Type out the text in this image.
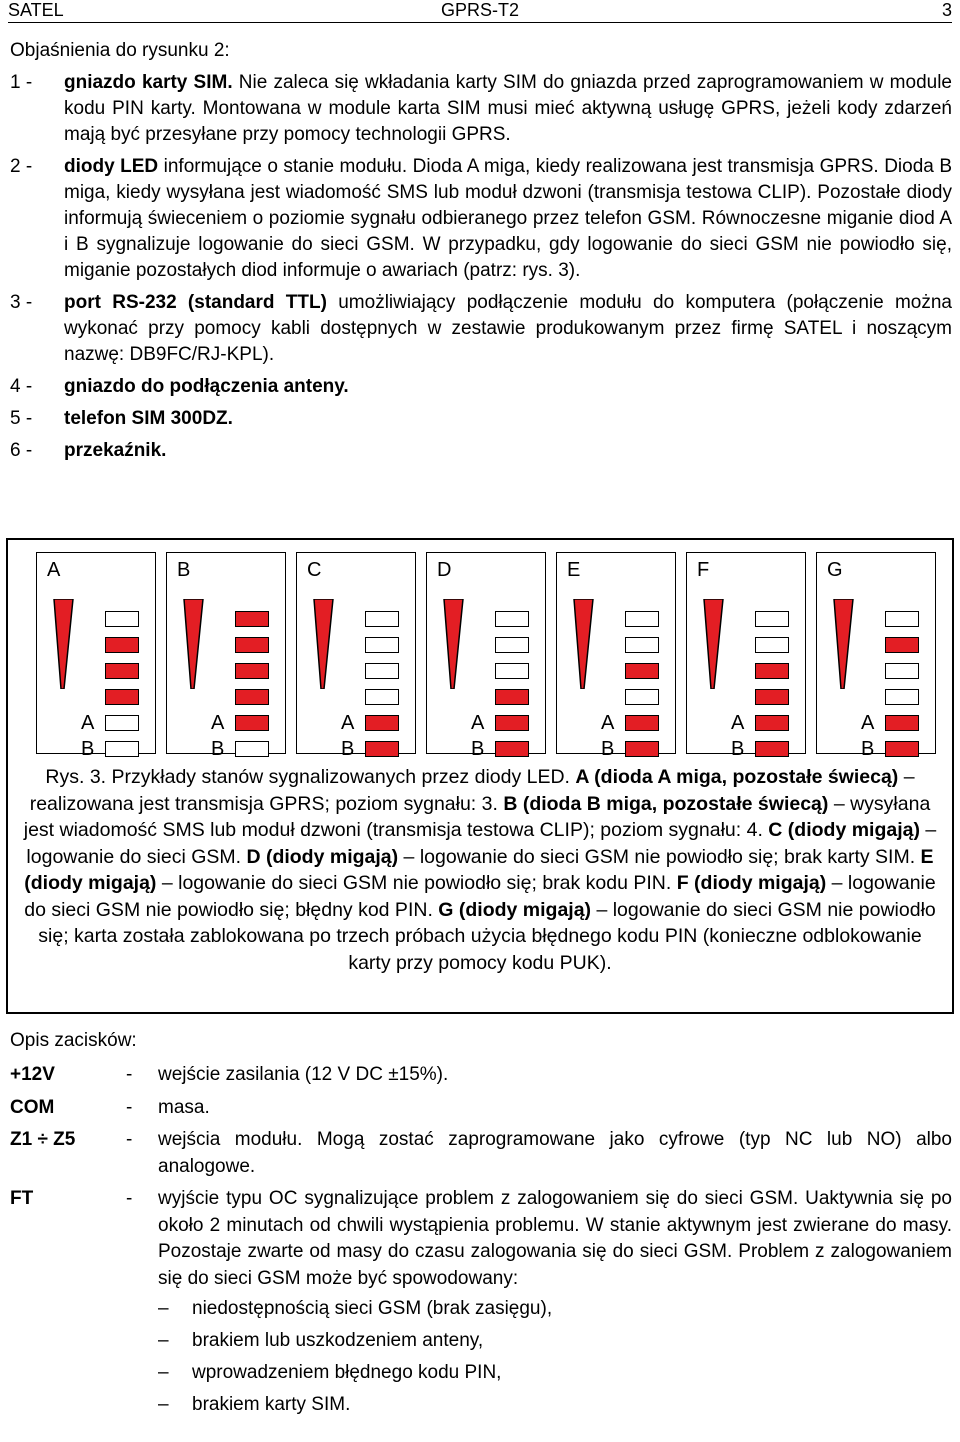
SATEL	GPRS-T2	3
Objaśnienia do rysunku 2:
1 -	gniazdo karty SIM. Nie zaleca się wkładania karty SIM do gniazda przed zaprogramowaniem w module kodu PIN karty. Montowana w module karta SIM musi mieć aktywną usługę GPRS, jeżeli kody zdarzeń mają być przesyłane przy pomocy technologii GPRS.
2 -	diody LED informujące o stanie modułu. Dioda A miga, kiedy realizowana jest transmisja GPRS. Dioda B miga, kiedy wysyłana jest wiadomość SMS lub moduł dzwoni (transmisja testowa CLIP). Pozostałe diody informują świeceniem o poziomie sygnału odbieranego przez telefon GSM. Równoczesne miganie diod A i B sygnalizuje logowanie do sieci GSM. W przypadku, gdy logowanie do sieci GSM nie powiodło się, miganie pozostałych diod informuje o awariach (patrz: rys. 3).
3 -	port RS-232 (standard TTL) umożliwiający podłączenie modułu do komputera (połączenie można wykonać przy pomocy kabli dostępnych w zestawie produkowanym przez firmę SATEL i noszącym nazwę: DB9FC/RJ-KPL).
4 -	gniazdo do podłączenia anteny.
5 -	telefon SIM 300DZ.
6 -	przekaźnik.
A
A
B
B
A
B
C
A
B
D
A
B
E
A
B
F
A
B
G
A
B
Rys. 3. Przykłady stanów sygnalizowanych przez diody LED. A (dioda A miga, pozostałe świecą) – realizowana jest transmisja GPRS; poziom sygnału: 3. B (dioda B miga, pozostałe świecą) – wysyłana jest wiadomość SMS lub moduł dzwoni (transmisja testowa CLIP); poziom sygnału: 4. C (diody migają) – logowanie do sieci GSM. D (diody migają) – logowanie do sieci GSM nie powiodło się; brak karty SIM. E (diody migają) – logowanie do sieci GSM nie powiodło się; brak kodu PIN. F (diody migają) – logowanie do sieci GSM nie powiodło się; błędny kod PIN. G (diody migają) – logowanie do sieci GSM nie powiodło się; karta została zablokowana po trzech próbach użycia błędnego kodu PIN (konieczne odblokowanie karty przy pomocy kodu PUK).
Opis zacisków:
+12V	-	wejście zasilania (12 V DC ±15%).
COM	-	masa.
Z1 ÷ Z5	-	wejścia modułu. Mogą zostać zaprogramowane jako cyfrowe (typ NC lub NO) albo analogowe.
FT	-	wyjście typu OC sygnalizujące problem z zalogowaniem się do sieci GSM. Uaktywnia się po około 2 minutach od chwili wystąpienia problemu. W stanie aktywnym jest zwierane do masy. Pozostaje zwarte od masy do czasu zalogowania się do sieci GSM. Problem z zalogowaniem się do sieci GSM może być spowodowany:
–	niedostępnością sieci GSM (brak zasięgu),
–	brakiem lub uszkodzeniem anteny,
–	wprowadzeniem błędnego kodu PIN,
–	brakiem karty SIM.
